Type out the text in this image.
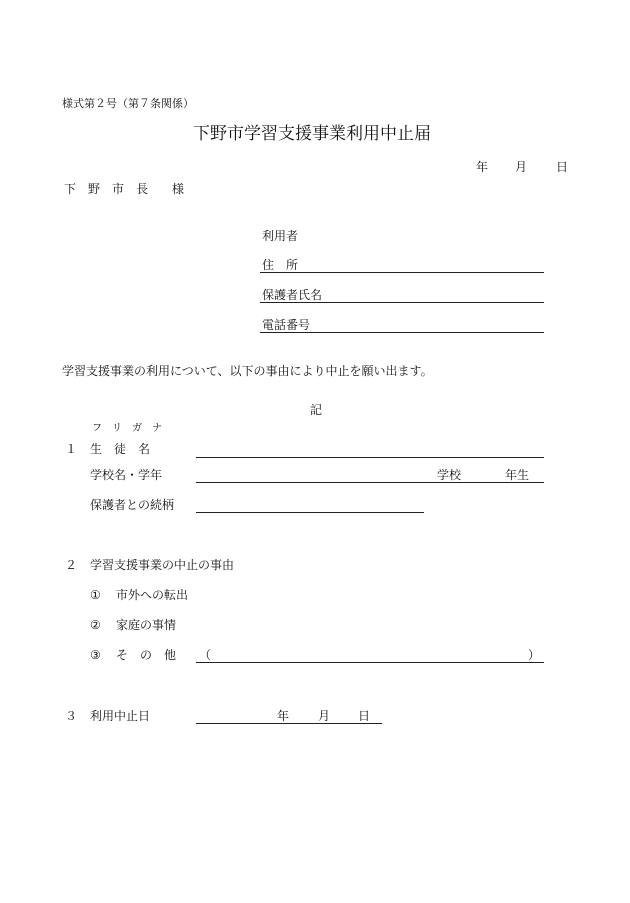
様式第２号（第７条関係）
下野市学習支援事業利用中止届
年 月 日
下　野　市　長　　様
利用者
住　所
保護者氏名
電話番号
学習支援事業の利用について、以下の事由により中止を願い出ます。
記
フ　リ　ガ　ナ
１ 生　徒　名
学校名・学年	学校	年生
保護者との続柄
２ 学習支援事業の中止の事由
① 市外への転出
② 家庭の事情
③ そ　の　他 （	）
３ 利用中止日	年 月 日
